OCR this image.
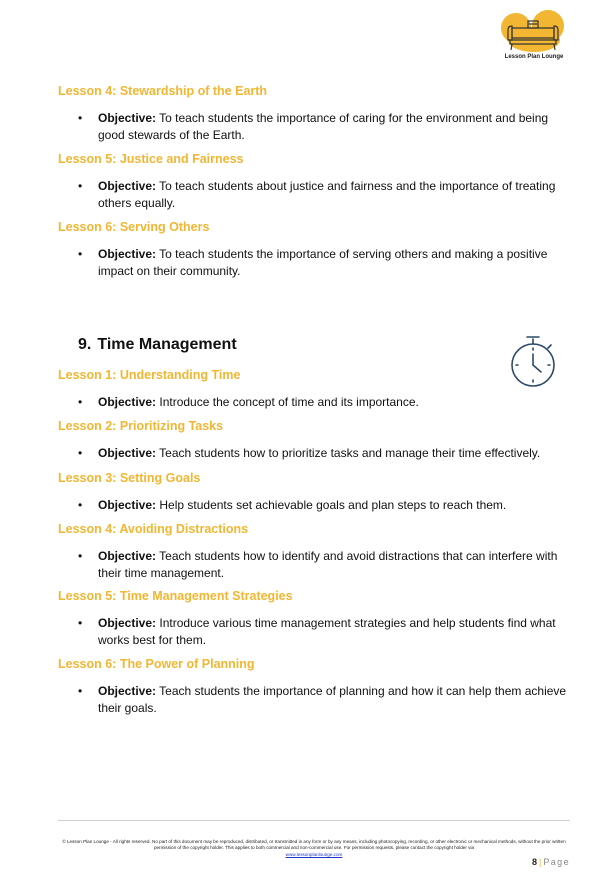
Lesson Plan Lounge

Lesson 4: Stewardship of the Earth

• Objective: To teach students the importance of caring for the environment and being good stewards of the Earth.

Lesson 5: Justice and Fairness

• Objective: To teach students about justice and fairness and the importance of treating others equally.

Lesson 6: Serving Others

• Objective: To teach students the importance of serving others and making a positive impact on their community.
9. Time Management

Lesson 1: Understanding Time

• Objective: Introduce the concept of time and its importance.

Lesson 2: Prioritizing Tasks

• Objective: Teach students how to prioritize tasks and manage their time effectively.

Lesson 3: Setting Goals

• Objective: Help students set achievable goals and plan steps to reach them.

Lesson 4: Avoiding Distractions

• Objective: Teach students how to identify and avoid distractions that can interfere with their time management.

Lesson 5: Time Management Strategies

• Objective: Introduce various time management strategies and help students find what works best for them.

Lesson 6: The Power of Planning

• Objective: Teach students the importance of planning and how it can help them achieve their goals.
© Lesson Plan Lounge - All rights reserved. No part of this document may be reproduced, distributed, or transmitted in any form or by any means, including photocopying, recording, or other electronic or mechanical methods, without the prior written permission of the copyright holder. This applies to both commercial and non-commercial use. For permission requests, please contact the copyright holder via
www.lessonplanlounge.com
8 | Page
